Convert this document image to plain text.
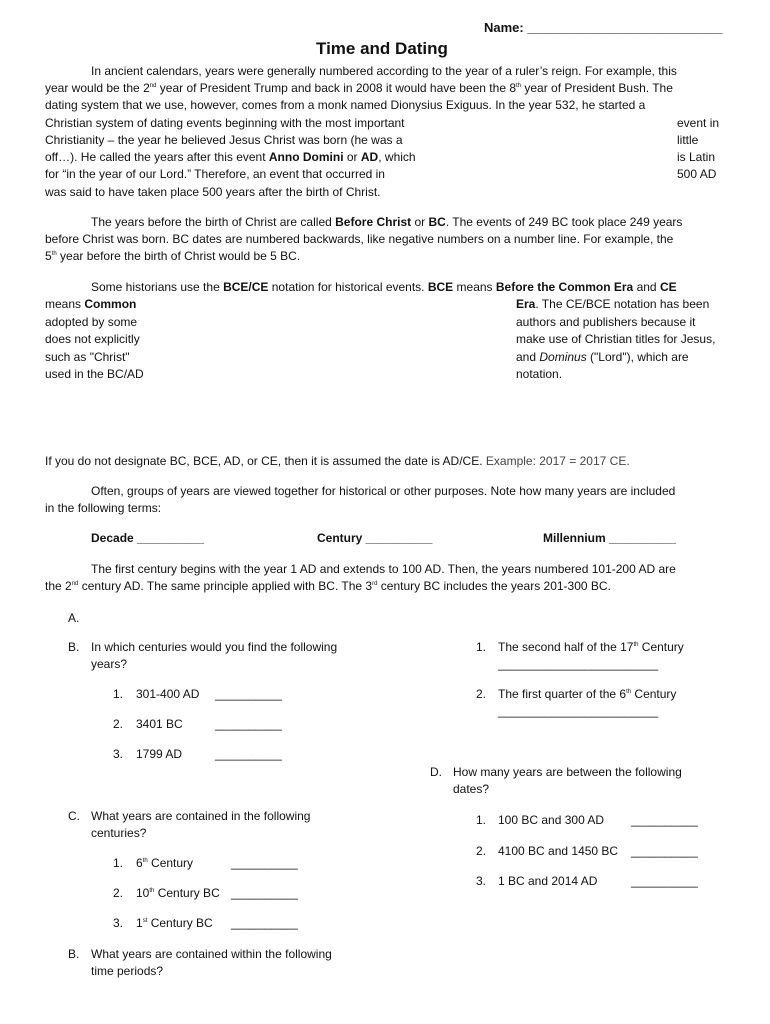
Name: ___________________________
Time and Dating
In ancient calendars, years were generally numbered according to the year of a ruler’s reign. For example, this
year would be the 2nd year of President Trump and back in 2008 it would have been the 8th year of President Bush. The
dating system that we use, however, comes from a monk named Dionysius Exiguus. In the year 532, he started a
Christian system of dating events beginning with the most important	event in
Christianity – the year he believed Jesus Christ was born (he was a	little
off…). He called the years after this event Anno Domini or AD, which	is Latin
for “in the year of our Lord.” Therefore, an event that occurred in	500 AD
was said to have taken place 500 years after the birth of Christ.
The years before the birth of Christ are called Before Christ or BC. The events of 249 BC took place 249 years
before Christ was born. BC dates are numbered backwards, like negative numbers on a number line. For example, the
5th year before the birth of Christ would be 5 BC.
Some historians use the BCE/CE notation for historical events. BCE means Before the Common Era and CE
means Common
adopted by some
does not explicitly
such as "Christ"
used in the BC/AD
Era. The CE/BCE notation has been
authors and publishers because it
make use of Christian titles for Jesus,
and Dominus ("Lord"), which are
notation.
If you do not designate BC, BCE, AD, or CE, then it is assumed the date is AD/CE. Example: 2017 = 2017 CE.
Often, groups of years are viewed together for historical or other purposes. Note how many years are included
in the following terms:
Decade __________	Century __________	Millennium __________
The first century begins with the year 1 AD and extends to 100 AD. Then, the years numbered 101-200 AD are
the 2nd century AD. The same principle applied with BC. The 3rd century BC includes the years 201-300 BC.
A.
B. In which centuries would you find the following
years?
1. 301-400 AD __________
2. 3401 BC	__________
3. 1799 AD	__________
1. The second half of the 17th Century
________________________
2. The first quarter of the 6th Century
________________________
D. How many years are between the following
dates?
1. 100 BC and 300 AD __________
2. 4100 BC and 1450 BC __________
3. 1 BC and 2014 AD	__________
C. What years are contained in the following
centuries?
1. 6th Century	__________
2. 10th Century BC __________
3. 1st Century BC __________
B. What years are contained within the following
time periods?
